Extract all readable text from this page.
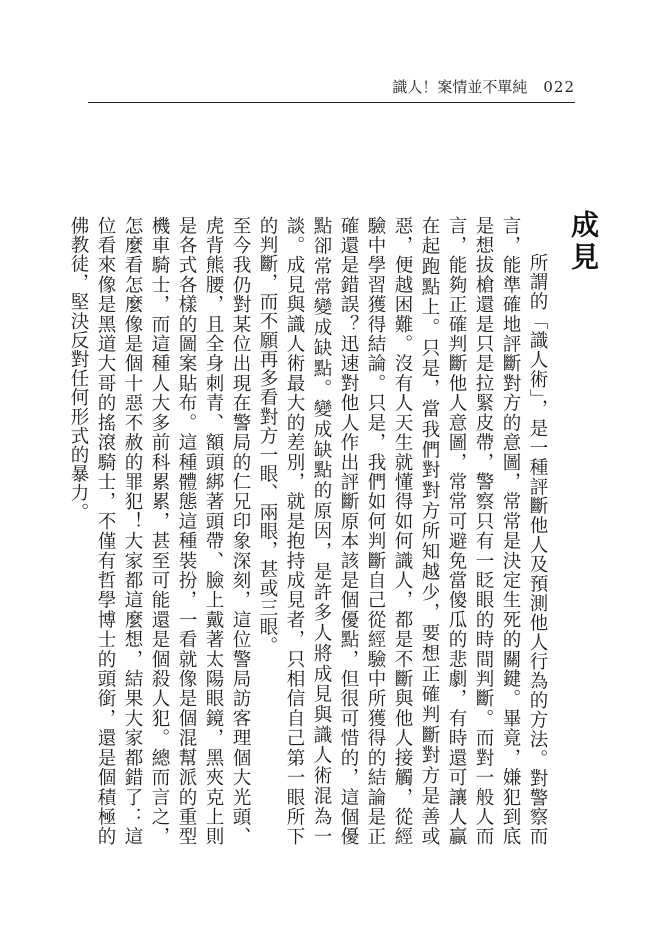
識人！案情並不單純 022
成見

所謂的「識人術」，是一種評斷他人及預測他人行為的方法。對警察而言，能準確地評斷對方的意圖，常常是決定生死的關鍵。畢竟，嫌犯到底是想拔槍還是只是拉緊皮帶，警察只有一眨眼的時間判斷。而對一般人而言，能夠正確判斷他人意圖，常常可避免當傻瓜的悲劇，有時還可讓人贏在起跑點上。只是，當我們對對方所知越少，要想正確判斷對方是善或惡，便越困難。沒有人天生就懂得如何識人，都是不斷與他人接觸，從經驗中學習獲得結論。只是，我們如何判斷自己從經驗中所獲得的結論是正確還是錯誤？迅速對他人作出評斷原本該是個優點，但很可惜的，這個優點卻常常變成缺點。變成缺點的原因，是許多人將成見與識人術混為一談。成見與識人術最大的差別，就是抱持成見者，只相信自己第一眼所下的判斷，而不願再多看對方一眼、兩眼，甚或三眼。

至今我仍對某位出現在警局的仁兄印象深刻，這位警局訪客理個大光頭、虎背熊腰，且全身刺青、額頭綁著頭帶、臉上戴著太陽眼鏡，黑夾克上則是各式各樣的圖案貼布。這種體態這種裝扮，一看就像是個混幫派的重型機車騎士，而這種人大多前科累累，甚至可能還是個殺人犯。總而言之，怎麼看怎麼像是個十惡不赦的罪犯！大家都這麼想，結果大家都錯了：這位看來像是黑道大哥的搖滾騎士，不僅有哲學博士的頭銜，還是個積極的佛教徒，堅決反對任何形式的暴力。
